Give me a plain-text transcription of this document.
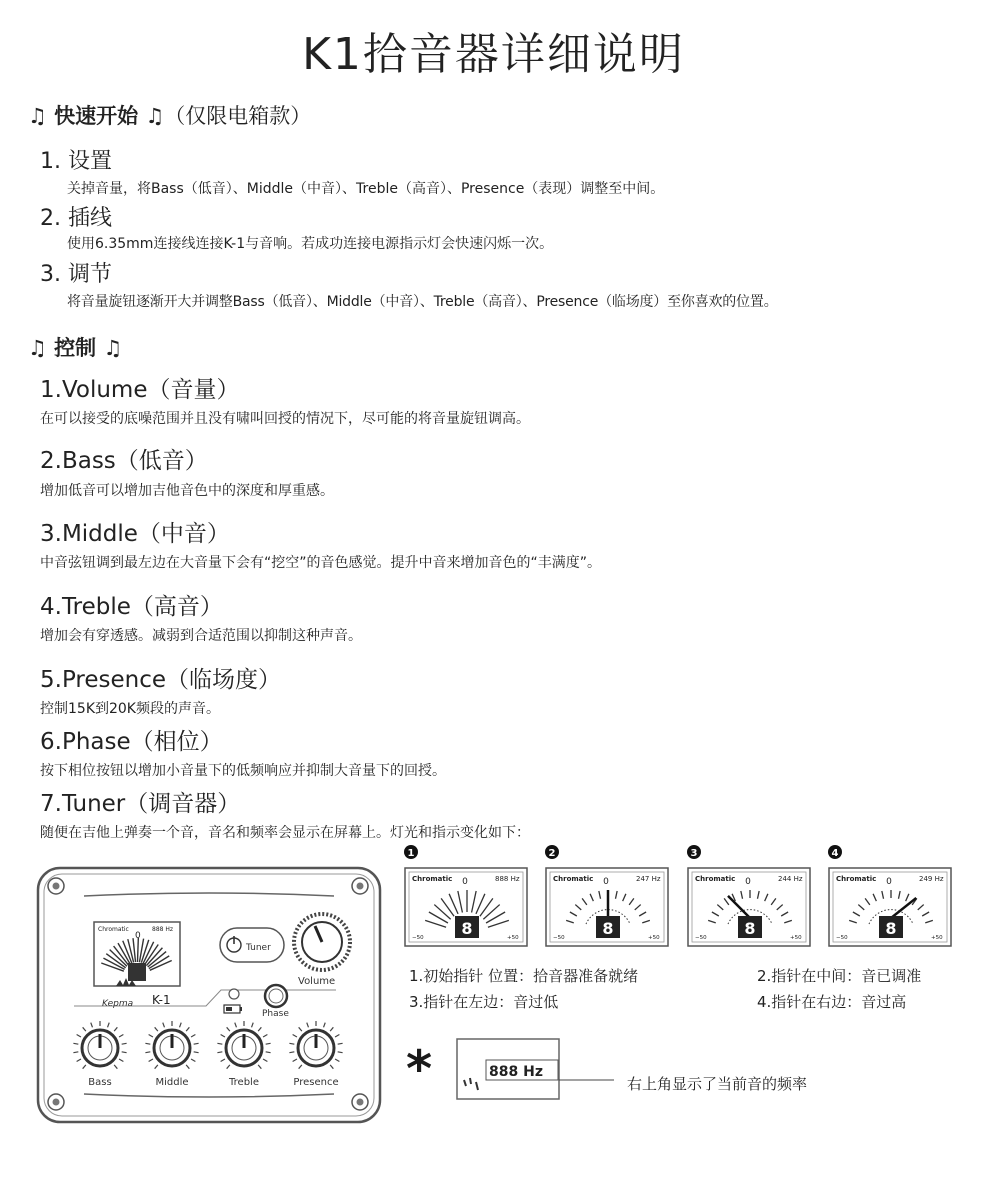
K1拾音器详细说明
♫ 快速开始 ♫（仅限电箱款）
1. 设置
关掉音量，将Bass（低音）、Middle（中音）、Treble（高音）、Presence（表现）调整至中间。
2. 插线
使用6.35mm连接线连接K-1与音响。若成功连接电源指示灯会快速闪烁一次。
3. 调节
将音量旋钮逐渐开大并调整Bass（低音）、Middle（中音）、Treble（高音）、Presence（临场度）至你喜欢的位置。
♫ 控制 ♫
1.Volume（音量）
在可以接受的底噪范围并且没有啸叫回授的情况下，尽可能的将音量旋钮调高。
2.Bass（低音）
增加低音可以增加吉他音色中的深度和厚重感。
3.Middle（中音）
中音弦钮调到最左边在大音量下会有“挖空”的音色感觉。提升中音来增加音色的“丰满度”。
4.Treble（高音）
增加会有穿透感。减弱到合适范围以抑制这种声音。
5.Presence（临场度）
控制15K到20K频段的声音。
6.Phase（相位）
按下相位按钮以增加小音量下的低频响应并抑制大音量下的回授。
7.Tuner（调音器）
随便在吉他上弹奏一个音，音名和频率会显示在屏幕上。灯光和指示变化如下：
Chromatic	888 Hz
0
Tuner
Volume
Kepma K-1
Phase
Bass	Middle	Treble	Presence
1
Chromatic	888 Hz
0
−50	+50
8
2
Chromatic	247 Hz
0
−50	+50
8
3
Chromatic	244 Hz
0
−50	+50
8
4
Chromatic	249 Hz
0
−50	+50
8
1.初始指针 位置：拾音器准备就绪	2.指针在中间：音已调准
3.指针在左边：音过低	4.指针在右边：音过高
*	888 Hz
右上角显示了当前音的频率
